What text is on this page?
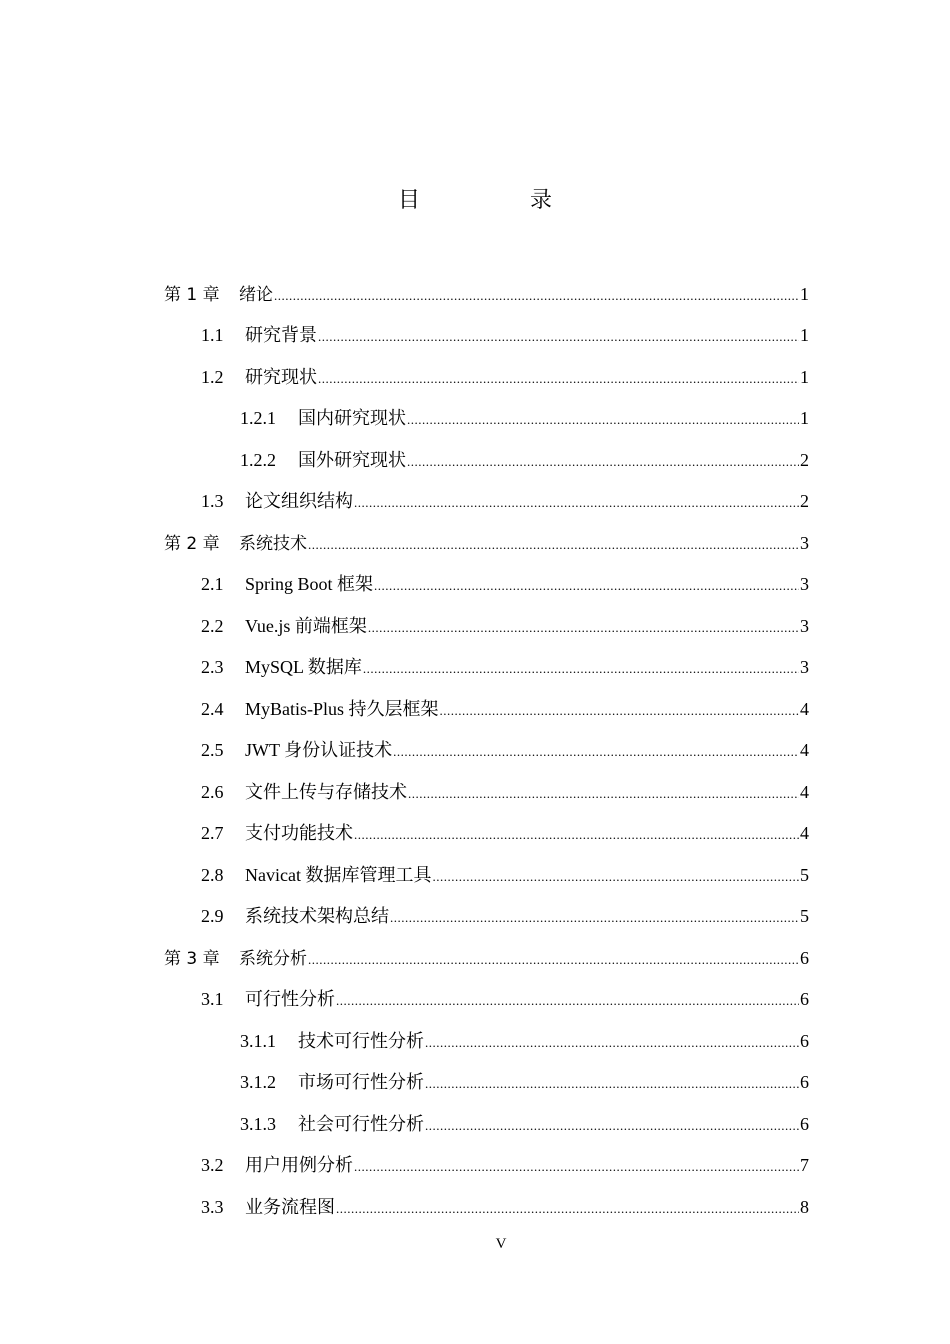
目　录
第 1 章	绪论 .....	1
1.1	研究背景 .....	1
1.2	研究现状 .....	1
1.2.1	国内研究现状 .....	1
1.2.2	国外研究现状 .....	2
1.3	论文组织结构 .....	2
第 2 章	系统技术 .....	3
2.1	Spring Boot 框架 .....	3
2.2	Vue.js 前端框架 .....	3
2.3	MySQL 数据库 .....	3
2.4	MyBatis-Plus 持久层框架 .....	4
2.5	JWT 身份认证技术 .....	4
2.6	文件上传与存储技术 .....	4
2.7	支付功能技术 .....	4
2.8	Navicat 数据库管理工具 .....	5
2.9	系统技术架构总结 .....	5
第 3 章	系统分析 .....	6
3.1	可行性分析 .....	6
3.1.1	技术可行性分析 .....	6
3.1.2	市场可行性分析 .....	6
3.1.3	社会可行性分析 .....	6
3.2	用户用例分析 .....	7
3.3	业务流程图 .....	8
V
